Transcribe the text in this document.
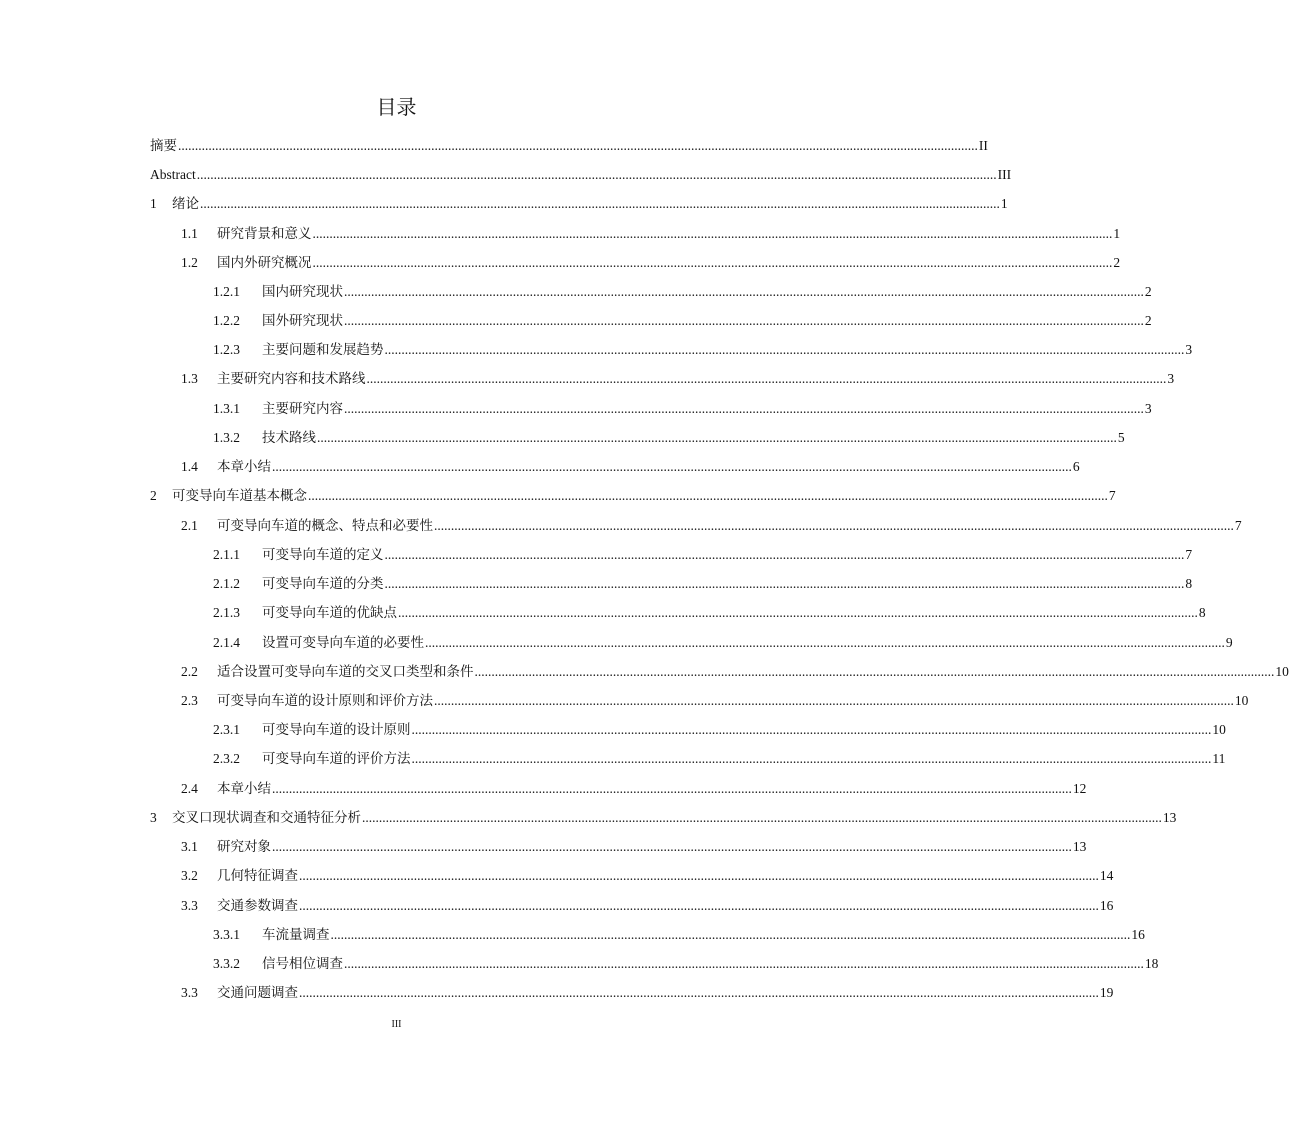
目录
摘要 ............................................................................................................................................................................................................................................. II
Abstract ............................................................................................................................................................................................................................................. III
1	绪论 ............................................................................................................................................................................................................................................. 1
1.1	研究背景和意义 ............................................................................................................................................................................................................................................. 1
1.2	国内外研究概况 ............................................................................................................................................................................................................................................. 2
1.2.1	国内研究现状 ............................................................................................................................................................................................................................................. 2
1.2.2	国外研究现状 ............................................................................................................................................................................................................................................. 2
1.2.3	主要问题和发展趋势 ............................................................................................................................................................................................................................................. 3
1.3	主要研究内容和技术路线 ............................................................................................................................................................................................................................................. 3
1.3.1	主要研究内容 ............................................................................................................................................................................................................................................. 3
1.3.2	技术路线 ............................................................................................................................................................................................................................................. 5
1.4	本章小结 ............................................................................................................................................................................................................................................. 6
2	可变导向车道基本概念 ............................................................................................................................................................................................................................................. 7
2.1	可变导向车道的概念、特点和必要性 ............................................................................................................................................................................................................................................. 7
2.1.1	可变导向车道的定义 ............................................................................................................................................................................................................................................. 7
2.1.2	可变导向车道的分类 ............................................................................................................................................................................................................................................. 8
2.1.3	可变导向车道的优缺点 ............................................................................................................................................................................................................................................. 8
2.1.4	设置可变导向车道的必要性 ............................................................................................................................................................................................................................................. 9
2.2	适合设置可变导向车道的交叉口类型和条件 ............................................................................................................................................................................................................................................. 10
2.3	可变导向车道的设计原则和评价方法 ............................................................................................................................................................................................................................................. 10
2.3.1	可变导向车道的设计原则 ............................................................................................................................................................................................................................................. 10
2.3.2	可变导向车道的评价方法 ............................................................................................................................................................................................................................................. 11
2.4	本章小结 ............................................................................................................................................................................................................................................. 12
3	交叉口现状调查和交通特征分析 ............................................................................................................................................................................................................................................. 13
3.1	研究对象 ............................................................................................................................................................................................................................................. 13
3.2	几何特征调查 ............................................................................................................................................................................................................................................. 14
3.3	交通参数调查 ............................................................................................................................................................................................................................................. 16
3.3.1	车流量调查 ............................................................................................................................................................................................................................................. 16
3.3.2	信号相位调查 ............................................................................................................................................................................................................................................. 18
3.3	交通问题调查 ............................................................................................................................................................................................................................................. 19
III
